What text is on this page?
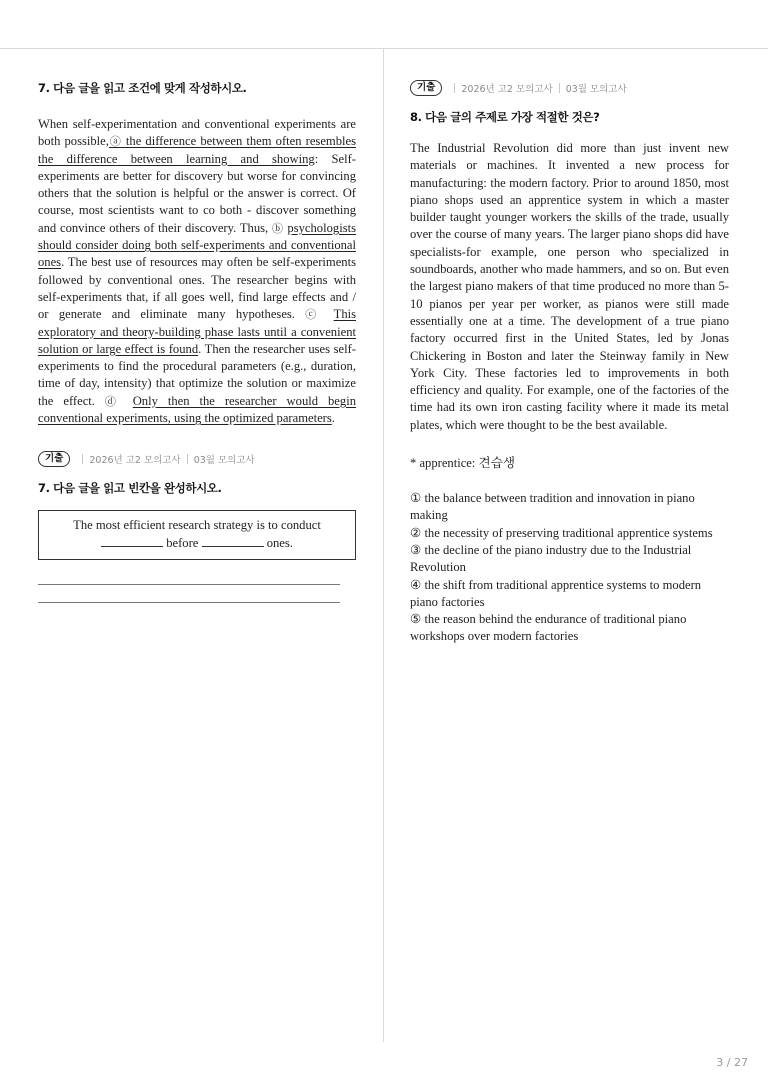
7. 다음 글을 읽고 조건에 맞게 작성하시오.

When self-experimentation and conventional experiments are both possible,ⓐ the difference between them often resembles the difference between learning and showing: Self-experiments are better for discovery but worse for convincing others that the solution is helpful or the answer is correct. Of course, most scientists want to co both - discover something and convince others of their discovery. Thus, ⓑ psychologists should consider doing both self-experiments and conventional ones. The best use of resources may often be self-experiments followed by conventional ones. The researcher begins with self-experiments that, if all goes well, find large effects and / or generate and eliminate many hypotheses. ⓒ This exploratory and theory-building phase lasts until a convenient solution or large effect is found. Then the researcher uses self-experiments to find the procedural parameters (e.g., duration, time of day, intensity) that optimize the solution or maximize the effect. ⓓ Only then the researcher would begin conventional experiments, using the optimized parameters.

기출	2026년 고2 모의고사 03월 모의고사

7. 다음 글을 읽고 빈칸을 완성하시오.

The most efficient research strategy is to conduct
before	ones.
기출	2026년 고2 모의고사 03월 모의고사

8. 다음 글의 주제로 가장 적절한 것은?

The Industrial Revolution did more than just invent new materials or machines. It invented a new process for manufacturing: the modern factory. Prior to around 1850, most piano shops used an apprentice system in which a master builder taught younger workers the skills of the trade, usually over the course of many years. The larger piano shops did have specialists-for example, one person who specialized in soundboards, another who made hammers, and so on. But even the largest piano makers of that time produced no more than 5-10 pianos per year per worker, as pianos were still made essentially one at a time. The development of a true piano factory occurred first in the United States, led by Jonas Chickering in Boston and later the Steinway family in New York City. These factories led to improvements in both efficiency and quality. For example, one of the factories of the time had its own iron casting facility where it made its metal plates, which were thought to be the best available.

* apprentice: 견습생

① the balance between tradition and innovation in piano making

② the necessity of preserving traditional apprentice systems

③ the decline of the piano industry due to the Industrial Revolution

④ the shift from traditional apprentice systems to modern piano factories

⑤ the reason behind the endurance of traditional piano workshops over modern factories

3 / 27
